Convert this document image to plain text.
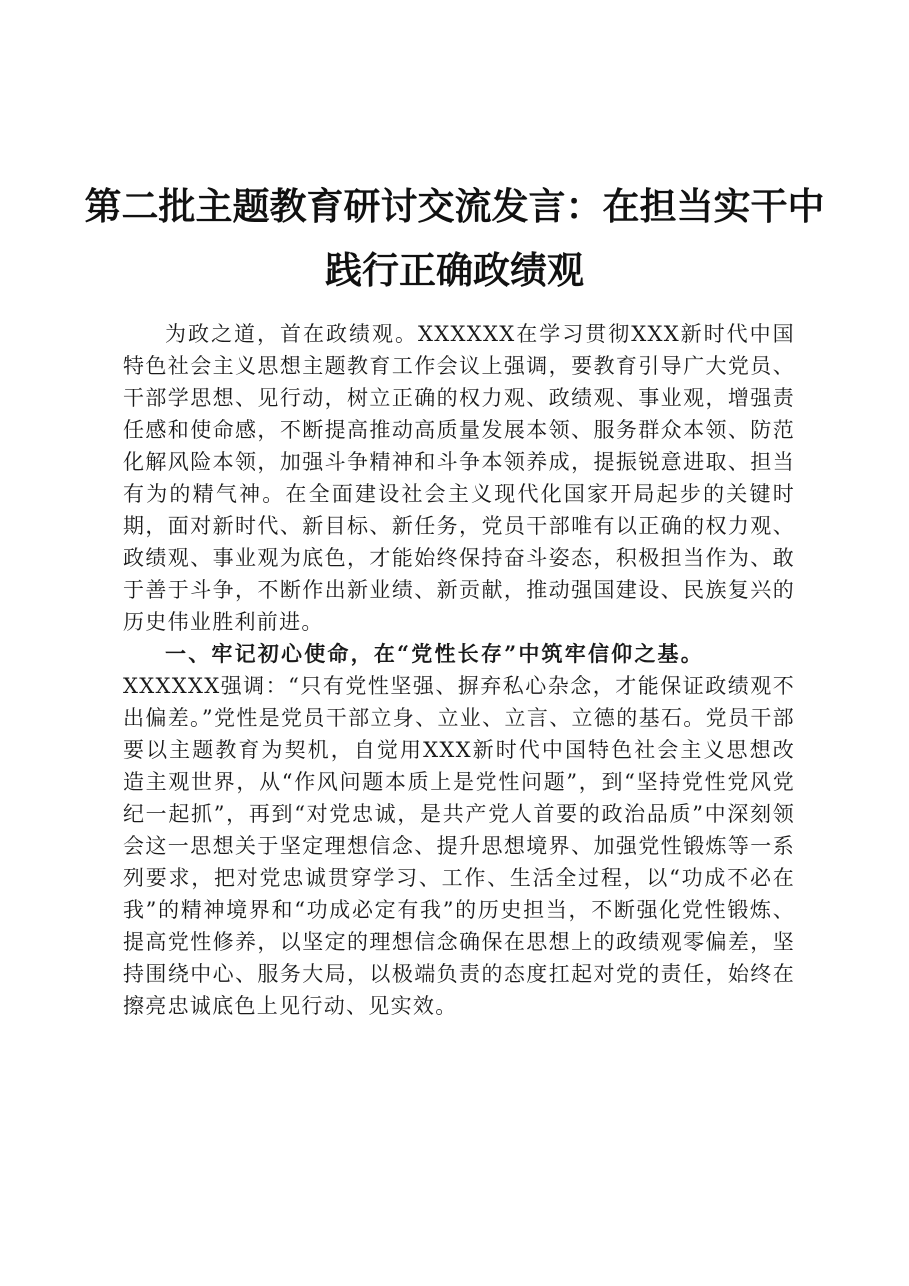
第二批主题教育研讨交流发言：在担当实干中
践行正确政绩观

为政之道，首在政绩观。XXXXXX在学习贯彻XXX新时代中国特色社会主义思想主题教育工作会议上强调，要教育引导广大党员、干部学思想、见行动，树立正确的权力观、政绩观、事业观，增强责任感和使命感，不断提高推动高质量发展本领、服务群众本领、防范化解风险本领，加强斗争精神和斗争本领养成，提振锐意进取、担当有为的精气神。在全面建设社会主义现代化国家开局起步的关键时期，面对新时代、新目标、新任务，党员干部唯有以正确的权力观、政绩观、事业观为底色，才能始终保持奋斗姿态，积极担当作为、敢于善于斗争，不断作出新业绩、新贡献，推动强国建设、民族复兴的历史伟业胜利前进。

一、牢记初心使命，在“党性长存”中筑牢信仰之基。

XXXXXX强调：“只有党性坚强、摒弃私心杂念，才能保证政绩观不出偏差。”党性是党员干部立身、立业、立言、立德的基石。党员干部要以主题教育为契机，自觉用XXX新时代中国特色社会主义思想改造主观世界，从“作风问题本质上是党性问题”，到“坚持党性党风党纪一起抓”，再到“对党忠诚，是共产党人首要的政治品质”中深刻领会这一思想关于坚定理想信念、提升思想境界、加强党性锻炼等一系列要求，把对党忠诚贯穿学习、工作、生活全过程，以“功成不必在我”的精神境界和“功成必定有我”的历史担当，不断强化党性锻炼、提高党性修养，以坚定的理想信念确保在思想上的政绩观零偏差，坚持围绕中心、服务大局，以极端负责的态度扛起对党的责任，始终在擦亮忠诚底色上见行动、见实效。
